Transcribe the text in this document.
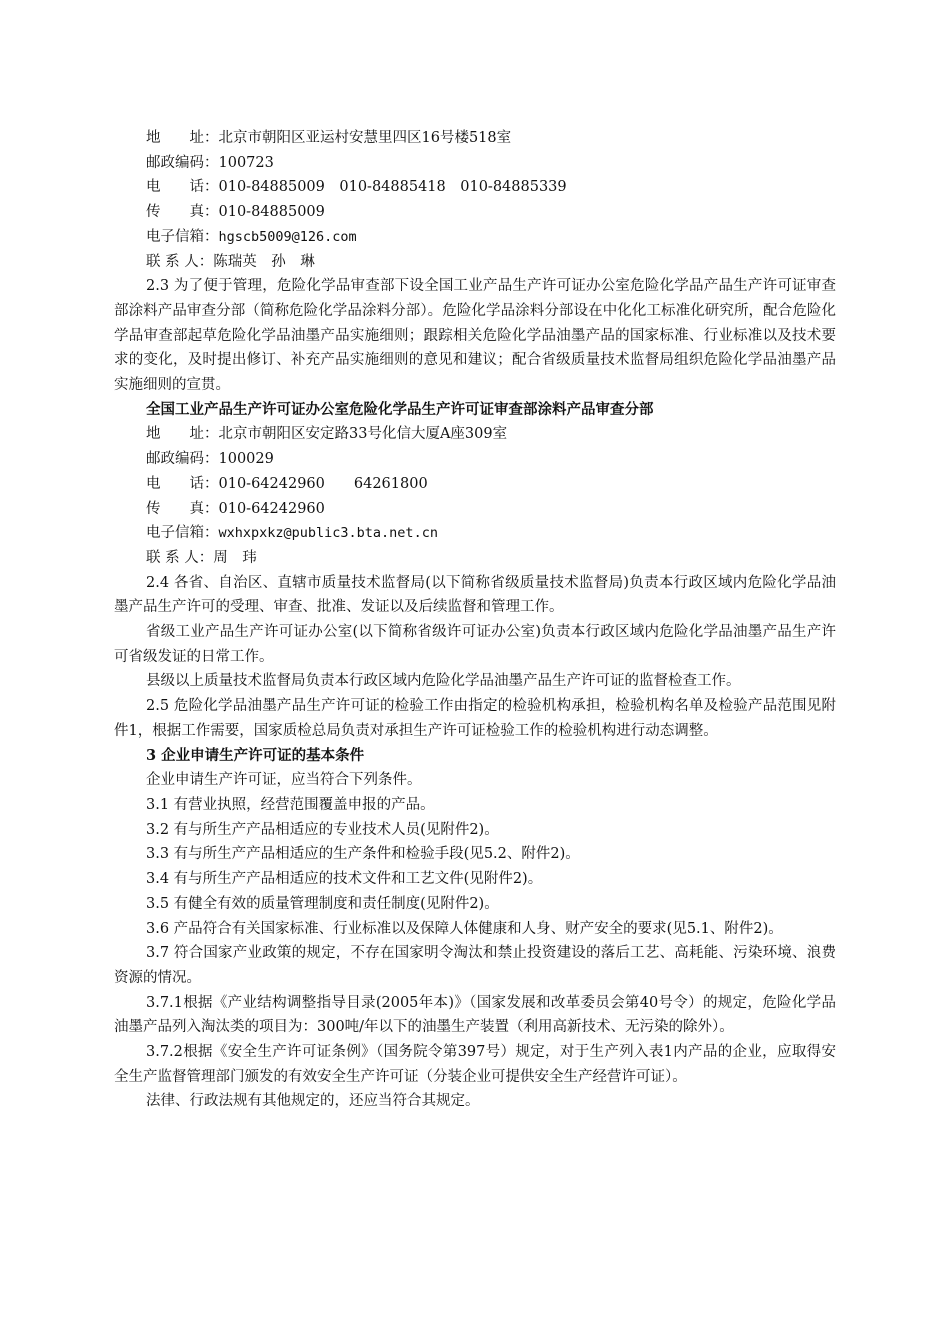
地　　址：北京市朝阳区亚运村安慧里四区16号楼518室
邮政编码：100723
电　　话：010-84885009　010-84885418　010-84885339
传　　真：010-84885009
电子信箱：hgscb5009@126.com
联 系 人：陈瑞英　孙　琳
2.3 为了便于管理，危险化学品审查部下设全国工业产品生产许可证办公室危险化学品产品生产许可证审查部涂料产品审查分部（简称危险化学品涂料分部）。危险化学品涂料分部设在中化化工标准化研究所，配合危险化学品审查部起草危险化学品油墨产品实施细则；跟踪相关危险化学品油墨产品的国家标准、行业标准以及技术要求的变化，及时提出修订、补充产品实施细则的意见和建议；配合省级质量技术监督局组织危险化学品油墨产品实施细则的宣贯。
全国工业产品生产许可证办公室危险化学品生产许可证审查部涂料产品审查分部
地　　址：北京市朝阳区安定路33号化信大厦A座309室
邮政编码：100029
电　　话：010-64242960　　64261800
传　　真：010-64242960
电子信箱：wxhxpxkz@public3.bta.net.cn
联 系 人：周　玮
2.4 各省、自治区、直辖市质量技术监督局(以下简称省级质量技术监督局)负责本行政区域内危险化学品油墨产品生产许可的受理、审查、批准、发证以及后续监督和管理工作。
省级工业产品生产许可证办公室(以下简称省级许可证办公室)负责本行政区域内危险化学品油墨产品生产许可省级发证的日常工作。
县级以上质量技术监督局负责本行政区域内危险化学品油墨产品生产许可证的监督检查工作。
2.5 危险化学品油墨产品生产许可证的检验工作由指定的检验机构承担，检验机构名单及检验产品范围见附件1，根据工作需要，国家质检总局负责对承担生产许可证检验工作的检验机构进行动态调整。
3 企业申请生产许可证的基本条件
企业申请生产许可证，应当符合下列条件。
3.1 有营业执照，经营范围覆盖申报的产品。
3.2 有与所生产产品相适应的专业技术人员(见附件2)。
3.3 有与所生产产品相适应的生产条件和检验手段(见5.2、附件2)。
3.4 有与所生产产品相适应的技术文件和工艺文件(见附件2)。
3.5 有健全有效的质量管理制度和责任制度(见附件2)。
3.6 产品符合有关国家标准、行业标准以及保障人体健康和人身、财产安全的要求(见5.1、附件2)。
3.7 符合国家产业政策的规定，不存在国家明令淘汰和禁止投资建设的落后工艺、高耗能、污染环境、浪费资源的情况。
3.7.1根据《产业结构调整指导目录(2005年本)》（国家发展和改革委员会第40号令）的规定，危险化学品油墨产品列入淘汰类的项目为：300吨/年以下的油墨生产装置（利用高新技术、无污染的除外）。
3.7.2根据《安全生产许可证条例》（国务院令第397号）规定，对于生产列入表1内产品的企业，应取得安全生产监督管理部门颁发的有效安全生产许可证（分装企业可提供安全生产经营许可证）。
法律、行政法规有其他规定的，还应当符合其规定。
